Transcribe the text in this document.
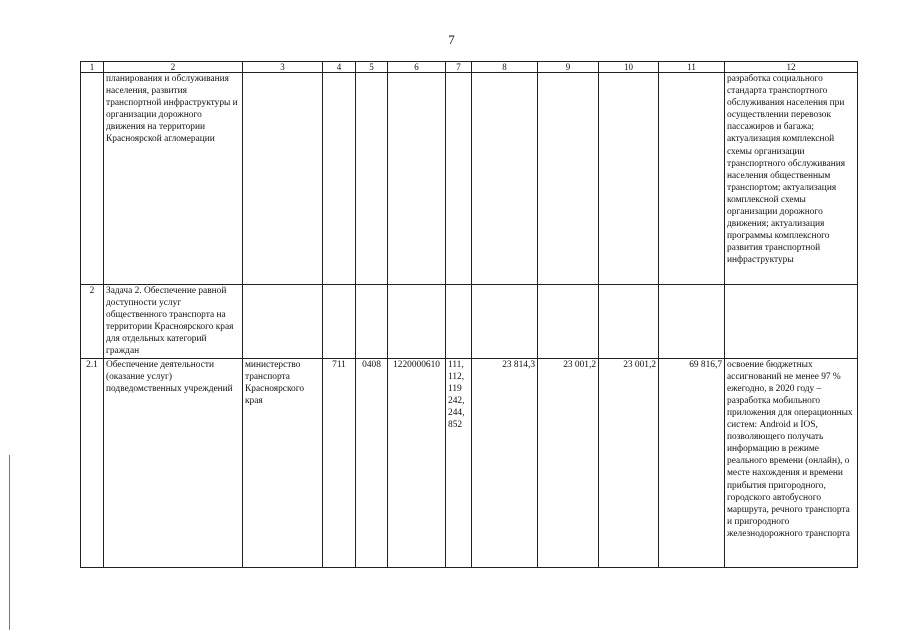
7
1	2	3	4	5	6	7	8	9	10	11	12
	планирования и обслуживания населения, развития транспортной инфраструктуры и организации дорожного движения на территории Красноярской агломерации										разработка социального стандарта транспортного обслуживания населения при осуществлении перевозок пассажиров и багажа; актуализация комплексной схемы организации транспортного обслуживания населения общественным транспортом; актуализация комплексной схемы организации дорожного движения; актуализация программы комплексного развития транспортной инфраструктуры
2	Задача 2. Обеспечение равной доступности услуг общественного транспорта на территории Красноярского края для отдельных категорий граждан										
2.1	Обеспечение деятельности (оказание услуг) подведомственных учреждений	министерство транспорта Красноярского края	711	0408	1220000610	111, 112, 119 242, 244, 852	23 814,3	23 001,2	23 001,2	69 816,7	освоение бюджетных ассигнований не менее 97 % ежегодно, в 2020 году – разработка мобильного приложения для операционных систем: Android и IOS, позволяющего получать информацию в режиме реального времени (онлайн), о месте нахождения и времени прибытия пригородного, городского автобусного маршрута, речного транспорта и пригородного железнодорожного транспорта
